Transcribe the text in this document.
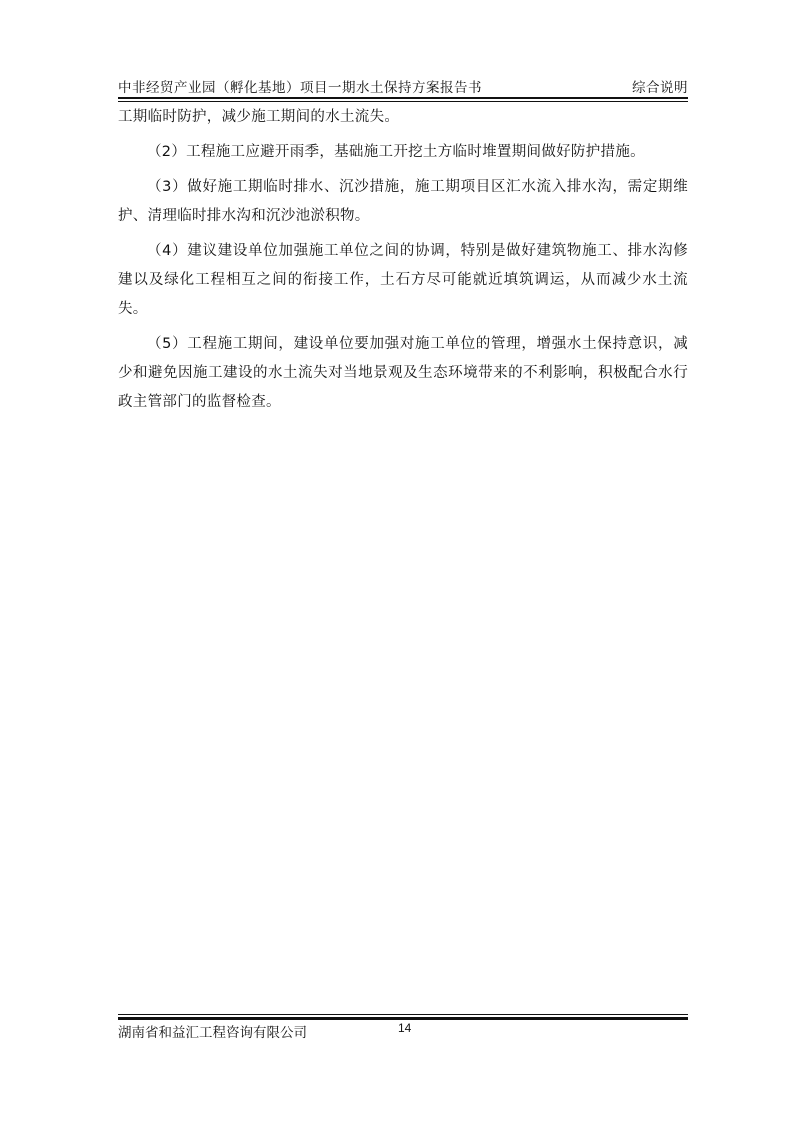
中非经贸产业园（孵化基地）项目一期水土保持方案报告书	综合说明

工期临时防护，减少施工期间的水土流失。

（2）工程施工应避开雨季，基础施工开挖土方临时堆置期间做好防护措施。

（3）做好施工期临时排水、沉沙措施，施工期项目区汇水流入排水沟，需定期维护、清理临时排水沟和沉沙池淤积物。

（4）建议建设单位加强施工单位之间的协调，特别是做好建筑物施工、排水沟修建以及绿化工程相互之间的衔接工作，土石方尽可能就近填筑调运，从而减少水土流失。

（5）工程施工期间，建设单位要加强对施工单位的管理，增强水土保持意识，减少和避免因施工建设的水土流失对当地景观及生态环境带来的不利影响，积极配合水行政主管部门的监督检查。

湖南省和益汇工程咨询有限公司	14
